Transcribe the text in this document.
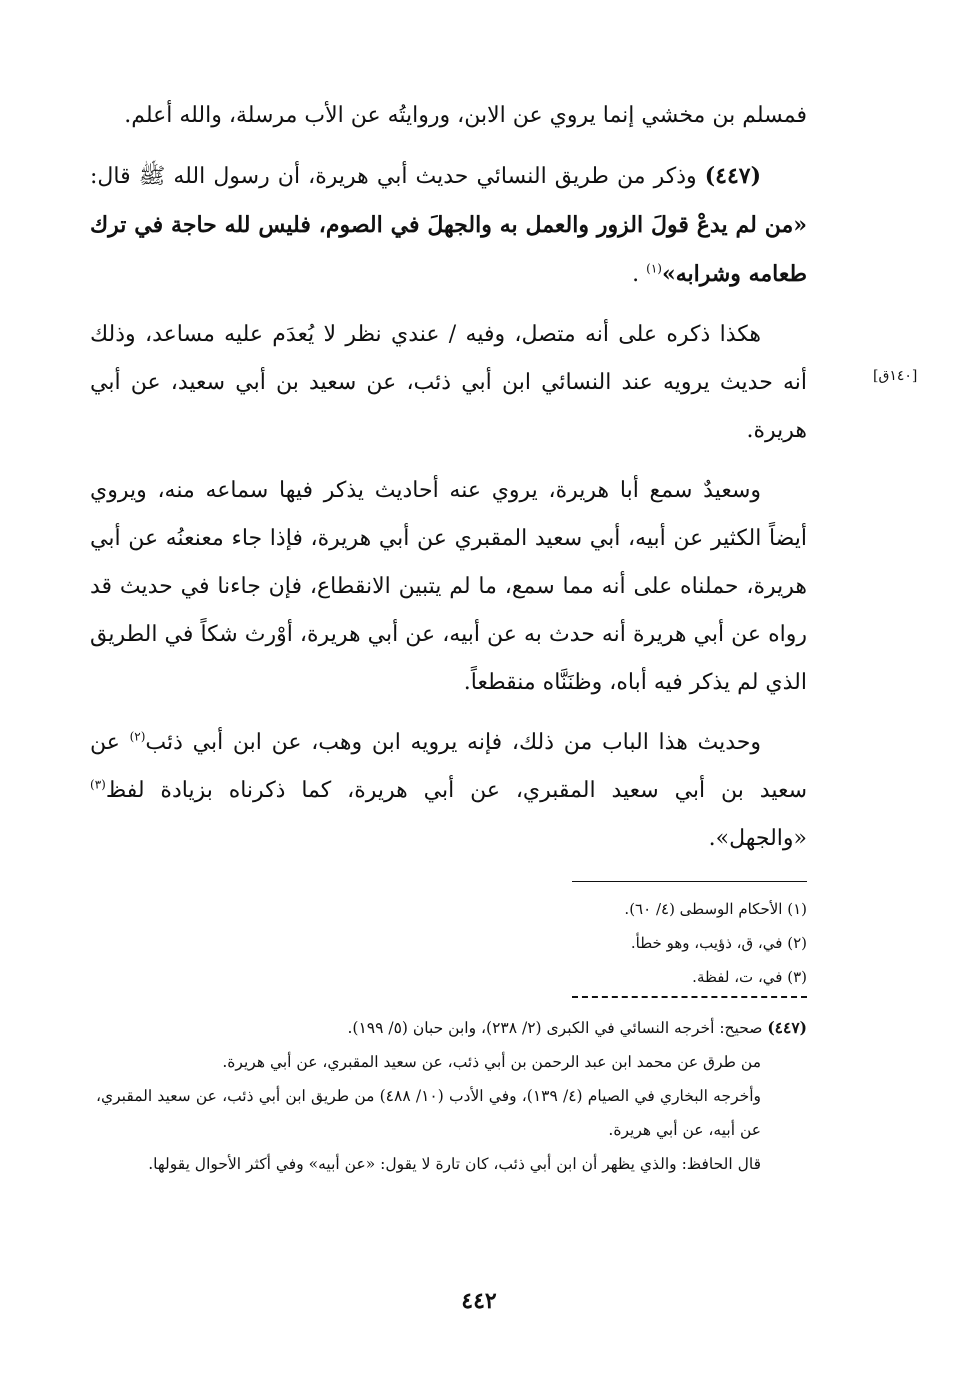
[١٤٠ق]

فمسلم بن مخشي إنما يروي عن الابن، وروايتُه عن الأب مرسلة، والله أعلم.

(٤٤٧) وذكر من طريق النسائي حديث أبي هريرة، أن رسول الله ﷺ قال: «من لم يدعْ قولَ الزور والعمل به والجهلَ في الصوم، فليس لله حاجة في ترك طعامه وشرابه»$^{(١)}$ .

هكذا ذكره على أنه متصل، وفيه / عندي نظر لا يُعدَم عليه مساعد، وذلك أنه حديث يرويه عند النسائي ابن أبي ذئب، عن سعيد بن أبي سعيد، عن أبي هريرة.

وسعيدٌ سمع أبا هريرة، يروي عنه أحاديث يذكر فيها سماعه منه، ويروي أيضاً الكثير عن أبيه، أبي سعيد المقبري عن أبي هريرة، فإذا جاء معنعنُه عن أبي هريرة، حملناه على أنه مما سمع، ما لم يتبين الانقطاع، فإن جاءنا في حديث قد رواه عن أبي هريرة أنه حدث به عن أبيه، عن أبي هريرة، أوْرث شكاً في الطريق الذي لم يذكر فيه أباه، وظنَنَّاه منقطعاً.

وحديث هذا الباب من ذلك، فإنه يرويه ابن وهب، عن ابن أبي ذئب$^{(٢)}$ عن سعيد بن أبي سعيد المقبري، عن أبي هريرة، كما ذكرناه بزيادة لفظ$^{(٣)}$ «والجهل».

(١) الأحكام الوسطى (٤/ ٦٠).
(٢) في، ق، ذؤيب، وهو خطأ.
(٣) في، ت، لفظة.

(٤٤٧) صحيح: أخرجه النسائي في الكبرى (٢/ ٢٣٨)، وابن حبان (٥/ ١٩٩).

من طرق عن محمد ابن عبد الرحمن بن أبي ذئب، عن سعيد المقبري، عن أبي هريرة.

وأخرجه البخاري في الصيام (٤/ ١٣٩)، وفي الأدب (١٠/ ٤٨٨) من طريق ابن أبي ذئب، عن سعيد المقبري، عن أبيه، عن أبي هريرة.

قال الحافظ: والذي يظهر أن ابن أبي ذئب، كان تارة لا يقول: «عن أبيه» وفي أكثر الأحوال يقولها.

٤٤٢
